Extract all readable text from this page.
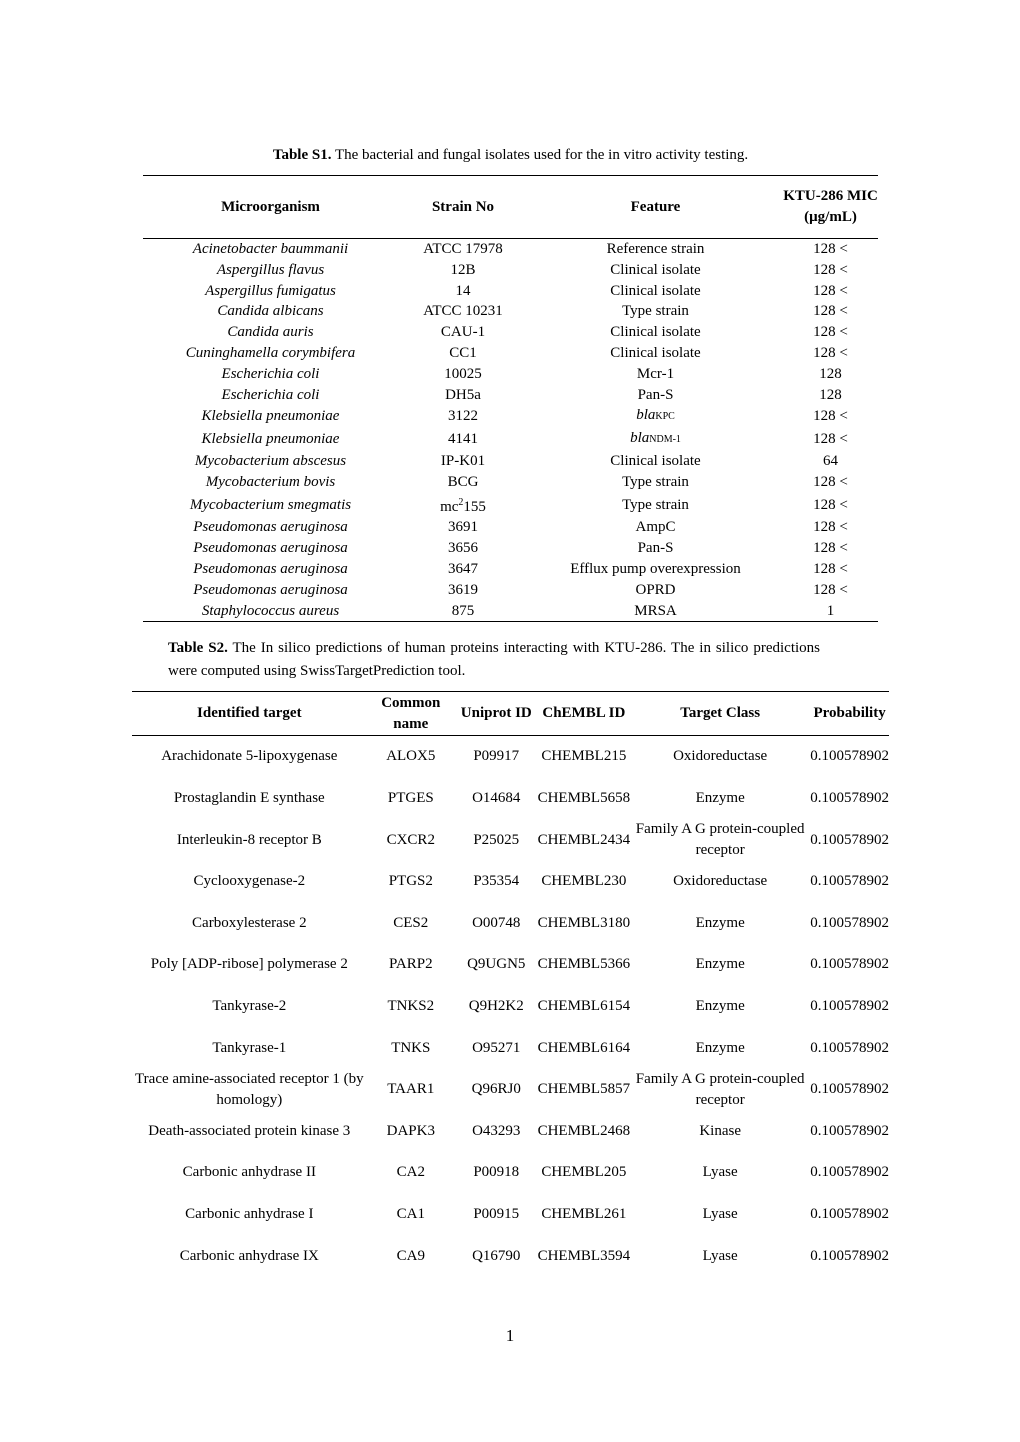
Table S1. The bacterial and fungal isolates used for the in vitro activity testing.
Microorganism	Strain No	Feature	KTU-286 MIC (μg/mL)
Acinetobacter baummanii	ATCC 17978	Reference strain	128 <
Aspergillus flavus	12B	Clinical isolate	128 <
Aspergillus fumigatus	14	Clinical isolate	128 <
Candida albicans	ATCC 10231	Type strain	128 <
Candida auris	CAU-1	Clinical isolate	128 <
Cuninghamella corymbifera	CC1	Clinical isolate	128 <
Escherichia coli	10025	Mcr-1	128
Escherichia coli	DH5a	Pan-S	128
Klebsiella pneumoniae	3122	blaKPC	128 <
Klebsiella pneumoniae	4141	blaNDM-1	128 <
Mycobacterium abscesus	IP-K01	Clinical isolate	64
Mycobacterium bovis	BCG	Type strain	128 <
Mycobacterium smegmatis	$mc^2155$	Type strain	128 <
Pseudomonas aeruginosa	3691	AmpC	128 <
Pseudomonas aeruginosa	3656	Pan-S	128 <
Pseudomonas aeruginosa	3647	Efflux pump overexpression	128 <
Pseudomonas aeruginosa	3619	OPRD	128 <
Staphylococcus aureus	875	MRSA	1
Table S2. The In silico predictions of human proteins interacting with KTU-286. The in silico predictions were computed using SwissTargetPrediction tool.
Identified target	Common name	Uniprot ID	ChEMBL ID	Target Class	Probability
Arachidonate 5-lipoxygenase	ALOX5	P09917	CHEMBL215	Oxidoreductase	0.100578902
Prostaglandin E synthase	PTGES	O14684	CHEMBL5658	Enzyme	0.100578902
Interleukin-8 receptor B	CXCR2	P25025	CHEMBL2434	Family A G protein-coupled receptor	0.100578902
Cyclooxygenase-2	PTGS2	P35354	CHEMBL230	Oxidoreductase	0.100578902
Carboxylesterase 2	CES2	O00748	CHEMBL3180	Enzyme	0.100578902
Poly [ADP-ribose] polymerase 2	PARP2	Q9UGN5	CHEMBL5366	Enzyme	0.100578902
Tankyrase-2	TNKS2	Q9H2K2	CHEMBL6154	Enzyme	0.100578902
Tankyrase-1	TNKS	O95271	CHEMBL6164	Enzyme	0.100578902
Trace amine-associated receptor 1 (by homology)	TAAR1	Q96RJ0	CHEMBL5857	Family A G protein-coupled receptor	0.100578902
Death-associated protein kinase 3	DAPK3	O43293	CHEMBL2468	Kinase	0.100578902
Carbonic anhydrase II	CA2	P00918	CHEMBL205	Lyase	0.100578902
Carbonic anhydrase I	CA1	P00915	CHEMBL261	Lyase	0.100578902
Carbonic anhydrase IX	CA9	Q16790	CHEMBL3594	Lyase	0.100578902
1
